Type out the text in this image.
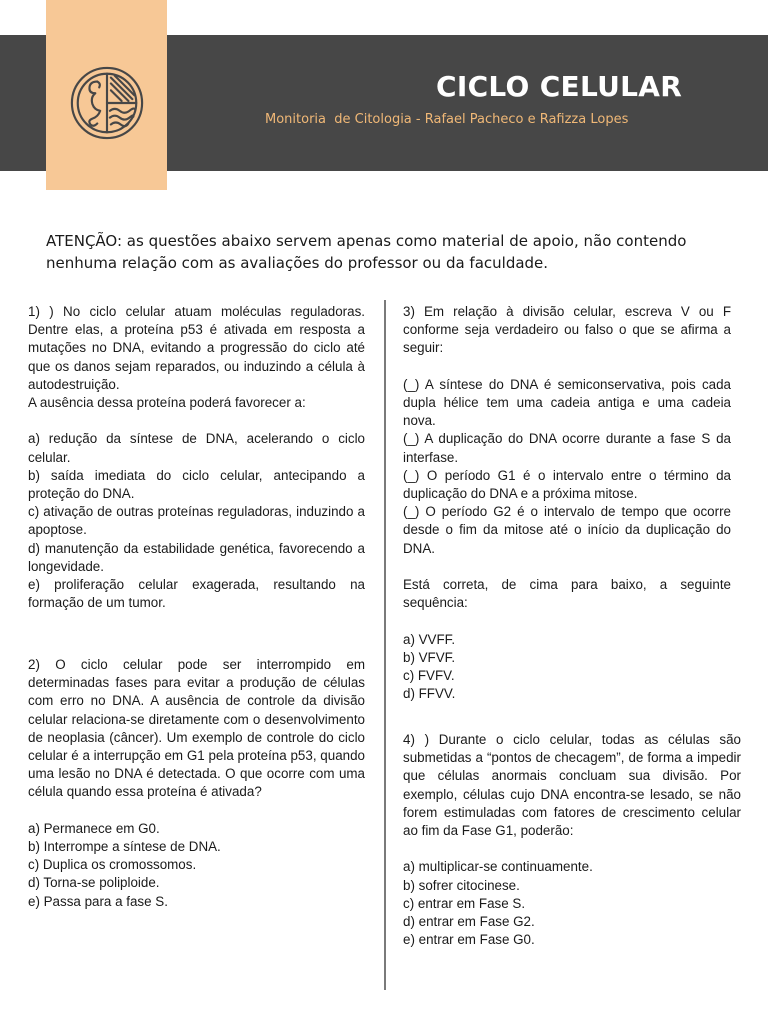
CICLO CELULAR
Monitoria  de Citologia - Rafael Pacheco e Rafizza Lopes

ATENÇÃO: as questões abaixo servem apenas como material de apoio, não contendo nenhuma relação com as avaliações do professor ou da faculdade.

1) ) No ciclo celular atuam moléculas reguladoras. Dentre elas, a proteína p53 é ativada em resposta a mutações no DNA, evitando a progressão do ciclo até que os danos sejam reparados, ou induzindo a célula à autodestruição.

A ausência dessa proteína poderá favorecer a:

a) redução da síntese de DNA, acelerando o ciclo celular.

b) saída imediata do ciclo celular, antecipando a proteção do DNA.

c) ativação de outras proteínas reguladoras, induzindo a apoptose.

d) manutenção da estabilidade genética, favorecendo a longevidade.

e) proliferação celular exagerada, resultando na formação de um tumor.

2) O ciclo celular pode ser interrompido em determinadas fases para evitar a produção de células com erro no DNA. A ausência de controle da divisão celular relaciona-se diretamente com o desenvolvimento de neoplasia (câncer). Um exemplo de controle do ciclo celular é a interrupção em G1 pela proteína p53, quando uma lesão no DNA é detectada. O que ocorre com uma célula quando essa proteína é ativada?

a) Permanece em G0.

b) Interrompe a síntese de DNA.

c) Duplica os cromossomos.

d) Torna-se poliploide.

e) Passa para a fase S.

3) Em relação à divisão celular, escreva V ou F conforme seja verdadeiro ou falso o que se afirma a seguir:

(_) A síntese do DNA é semiconservativa, pois cada dupla hélice tem uma cadeia antiga e uma cadeia nova.

(_) A duplicação do DNA ocorre durante a fase S da interfase.

(_) O período G1 é o intervalo entre o término da duplicação do DNA e a próxima mitose.

(_) O período G2 é o intervalo de tempo que ocorre desde o fim da mitose até o início da duplicação do DNA.

Está correta, de cima para baixo, a seguinte sequência:

a) VVFF.

b) VFVF.

c) FVFV.

d) FFVV.

4) ) Durante o ciclo celular, todas as células são submetidas a “pontos de checagem”, de forma a impedir que células anormais concluam sua divisão. Por exemplo, células cujo DNA encontra-se lesado, se não forem estimuladas com fatores de crescimento celular ao fim da Fase G1, poderão:

a) multiplicar-se continuamente.

b) sofrer citocinese.

c) entrar em Fase S.

d) entrar em Fase G2.

e) entrar em Fase G0.
